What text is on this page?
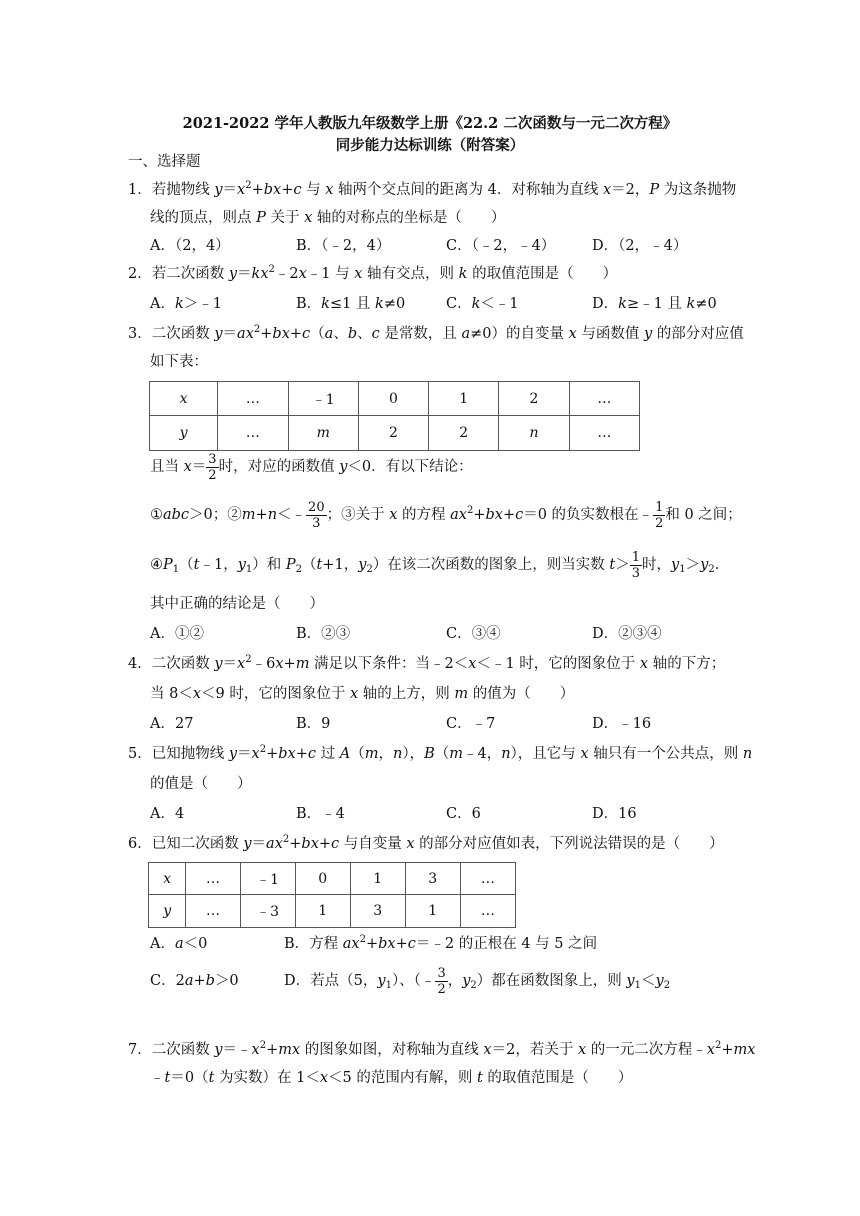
2021-2022 学年人教版九年级数学上册《22.2 二次函数与一元二次方程》
同步能力达标训练（附答案）
一、选择题
1．若抛物线 $y=x^2+bx+c$ 与 x 轴两个交点间的距离为 4．对称轴为直线 x＝2，P 为这条抛物
线的顶点，则点 P 关于 x 轴的对称点的坐标是（　　）
A．（2，4）	B．（﹣2，4）	C．（﹣2，﹣4）	D．（2，﹣4）
2．若二次函数 $y=kx^2﹣2x﹣1$ 与 x 轴有交点，则 k 的取值范围是（　　）
A．k＞﹣1	B．k≤1 且 k≠0	C．k＜﹣1	D．k≥﹣1 且 k≠0
3．二次函数 $y=ax^2+bx+c(a$、b、c 是常数，且 a≠0）的自变量 x 与函数值 y 的部分对应值
如下表：
x	…	﹣1	0	1	2	…
y	…	m	2	2	n	…
且当 $x= \frac{3}{2}$ 时，对应的函数值 y＜0．有以下结论：
①abc＞0；②m+n＜﹣ $\frac{20}{3}$ ；③关于 x 的方程 $ax^2+bx+c=0$ 的负实数根在﹣ $\frac{1}{2}$ 和 0 之间；
$④P_1(t﹣1$，$y_1$）和 $P_2(t+1$，$y_2$）在该二次函数的图象上，则当实数 $t> \frac{1}{3}$ 时，$y_1>y_2$．
其中正确的结论是（　　）
A．①②	B．②③	C．③④	D．②③④
4．二次函数 $y=x^2﹣6x+m$ 满足以下条件：当﹣2＜x＜﹣1 时，它的图象位于 x 轴的下方；
当 8＜x＜9 时，它的图象位于 x 轴的上方，则 m 的值为（　　）
A．27	B．9	C．﹣7	D．﹣16
5．已知抛物线 $y=x^2+bx+c$ 过 A（m，n），B（m﹣4，n），且它与 x 轴只有一个公共点，则 n
的值是（　　）
A．4	B．﹣4	C．6	D．16
6．已知二次函数 $y=ax^2+bx+c$ 与自变量 x 的部分对应值如表，下列说法错误的是（　　）
x	…	﹣1	0	1	3	…
y	…	﹣3	1	3	1	…
A．a＜0	B．方程 $ax^2+bx+c=﹣2$ 的正根在 4 与 5 之间
C．2a+b＞0	D．若点（5，$y_1$）、（﹣ $\frac{3}{2}$ ，$y_2$）都在函数图象上，则 $y_1<y_2$
7．二次函数 $y=﹣x^2+mx$ 的图象如图，对称轴为直线 x＝2，若关于 x 的一元二次方程$﹣x^2+mx$
﹣t＝0（t 为实数）在 1＜x＜5 的范围内有解，则 t 的取值范围是（　　）
